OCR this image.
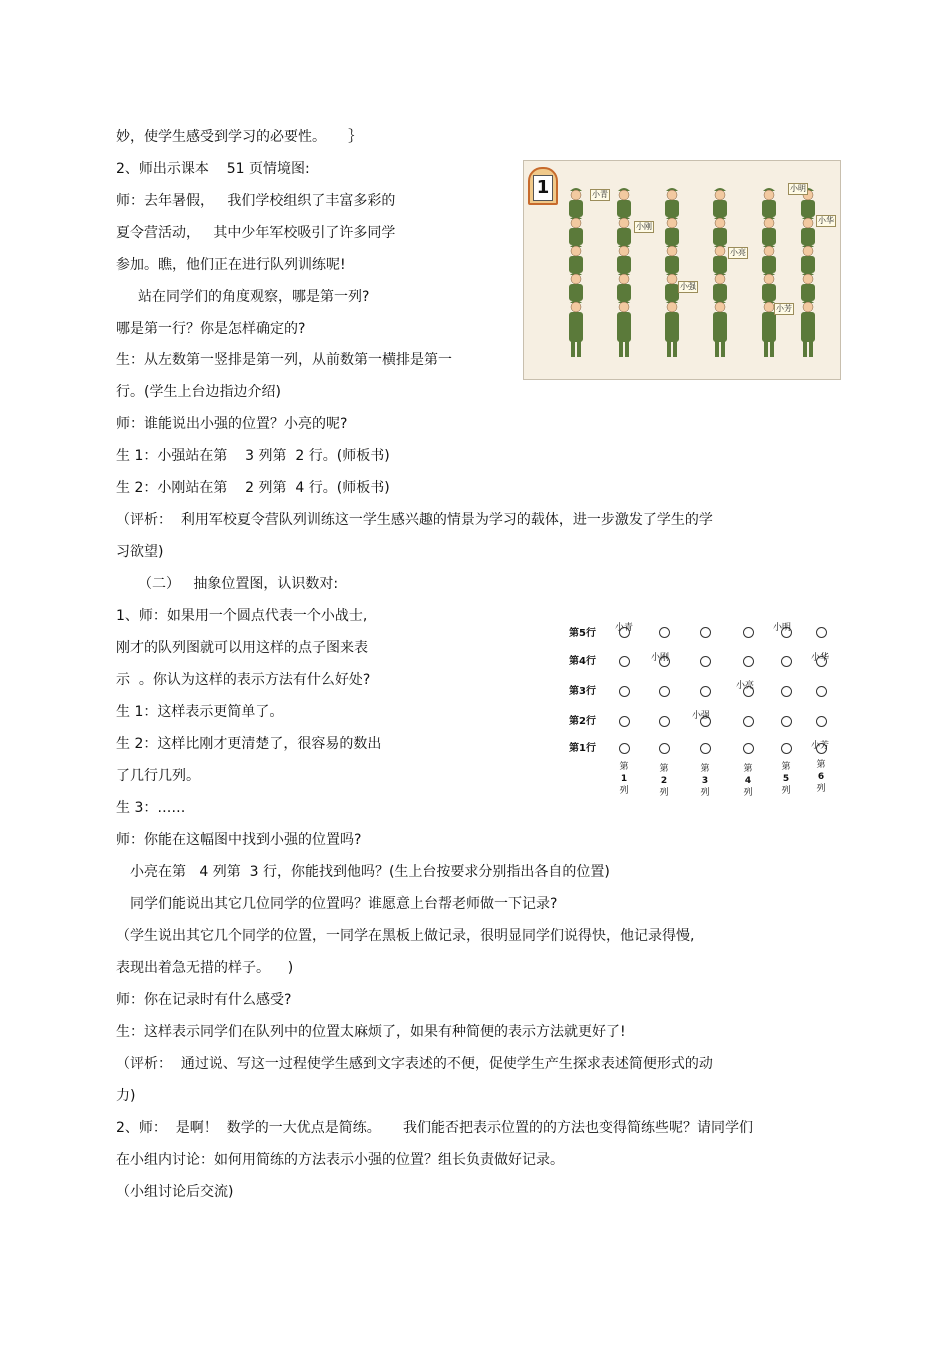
妙，使学生感受到学习的必要性。     ｝
2、师出示课本    51 页情境图:
师：去年暑假，   我们学校组织了丰富多彩的
夏令营活动，   其中少年军校吸引了许多同学
参加。瞧，他们正在进行队列训练呢!
站在同学们的角度观察，哪是第一列?
哪是第一行？你是怎样确定的?
生：从左数第一竖排是第一列，从前数第一横排是第一
行。(学生上台边指边介绍)
师：谁能说出小强的位置？小亮的呢?
生 1：小强站在第    3 列第  2 行。(师板书)
生 2：小刚站在第    2 列第  4 行。(师板书)
（评析：  利用军校夏令营队列训练这一学生感兴趣的情景为学习的载体，进一步激发了学生的学
习欲望)
（二）   抽象位置图，认识数对:
1、师：如果用一个圆点代表一个小战士,
刚才的队列图就可以用这样的点子图来表
示  。你认为这样的表示方法有什么好处?
生 1：这样表示更简单了。
生 2：这样比刚才更清楚了，很容易的数出
了几行几列。
生 3：……
师：你能在这幅图中找到小强的位置吗?
小亮在第   4 列第  3 行，你能找到他吗？(生上台按要求分别指出各自的位置)
同学们能说出其它几位同学的位置吗？谁愿意上台帮老师做一下记录?
（学生说出其它几个同学的位置，一同学在黑板上做记录，很明显同学们说得快，他记录得慢,
表现出着急无措的样子。    )
师：你在记录时有什么感受?
生：这样表示同学们在队列中的位置太麻烦了，如果有种简便的表示方法就更好了!
（评析：  通过说、写这一过程使学生感到文字表述的不便，促使学生产生探求表述简便形式的动
力)
2、师：  是啊！  数学的一大优点是简练。     我们能否把表示位置的的方法也变得简练些呢？请同学们
在小组内讨论：如何用简练的方法表示小强的位置？组长负责做好记录。
（小组讨论后交流)
1	小青
小明
小刚
小华
小亮
小强
小芳
第5行
第4行
第3行
第2行
第1行
小青	小明
小刚	小华
小亮
小强
小芳
第
1
列
第
2
列
第
3
列
第
4
列
第
5
列
第
6
列
